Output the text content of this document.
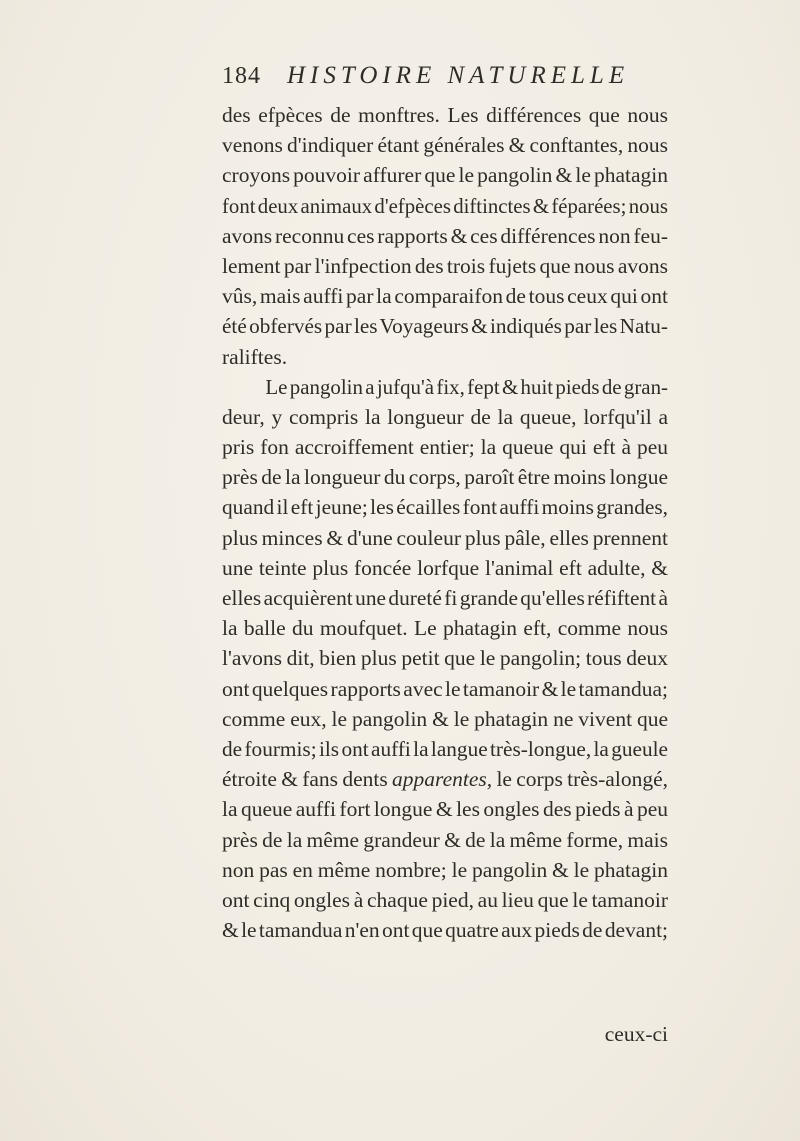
184 HISTOIRE NATURELLE
des efpèces de monftres. Les différences que nous
venons d'indiquer étant générales & conftantes, nous
croyons pouvoir affurer que le pangolin & le phatagin
font deux animaux d'efpèces diftinctes & féparées; nous
avons reconnu ces rapports & ces différences non feu-
lement par l'infpection des trois fujets que nous avons
vûs, mais auffi par la comparaifon de tous ceux qui ont
été obfervés par les Voyageurs & indiqués par les Natu-
raliftes.
Le pangolin a jufqu'à fix, fept & huit pieds de gran-
deur, y compris la longueur de la queue, lorfqu'il a
pris fon accroiffement entier; la queue qui eft à peu
près de la longueur du corps, paroît être moins longue
quand il eft jeune; les écailles font auffi moins grandes,
plus minces & d'une couleur plus pâle, elles prennent
une teinte plus foncée lorfque l'animal eft adulte, &
elles acquièrent une dureté fi grande qu'elles réfiftent à
la balle du moufquet. Le phatagin eft, comme nous
l'avons dit, bien plus petit que le pangolin; tous deux
ont quelques rapports avec le tamanoir & le tamandua;
comme eux, le pangolin & le phatagin ne vivent que
de fourmis; ils ont auffi la langue très-longue, la gueule
étroite & fans dents apparentes, le corps très-alongé,
la queue auffi fort longue & les ongles des pieds à peu
près de la même grandeur & de la même forme, mais
non pas en même nombre; le pangolin & le phatagin
ont cinq ongles à chaque pied, au lieu que le tamanoir
& le tamandua n'en ont que quatre aux pieds de devant;
ceux-ci
